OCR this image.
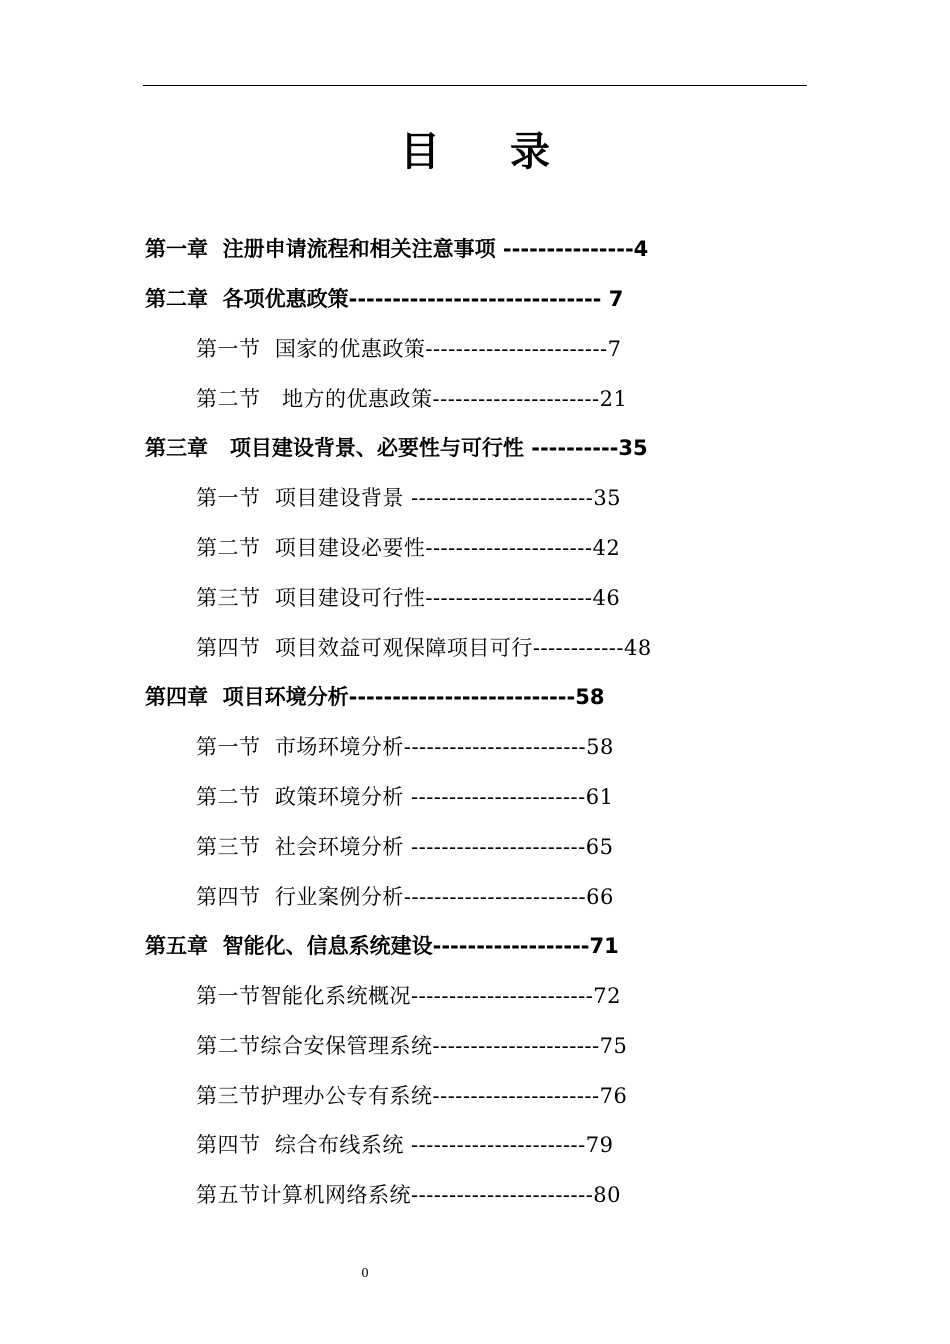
目录
第一章  注册申请流程和相关注意事项 ---------------4
第二章  各项优惠政策----------------------------- 7
第一节  国家的优惠政策------------------------7
第二节   地方的优惠政策----------------------21
第三章   项目建设背景、必要性与可行性 ----------35
第一节  项目建设背景 ------------------------35
第二节  项目建设必要性----------------------42
第三节  项目建设可行性----------------------46
第四节  项目效益可观保障项目可行------------48
第四章  项目环境分析--------------------------58
第一节  市场环境分析------------------------58
第二节  政策环境分析 -----------------------61
第三节  社会环境分析 -----------------------65
第四节  行业案例分析------------------------66
第五章  智能化、信息系统建设------------------71
第一节智能化系统概况------------------------72
第二节综合安保管理系统----------------------75
第三节护理办公专有系统----------------------76
第四节  综合布线系统 -----------------------79
第五节计算机网络系统------------------------80
0
